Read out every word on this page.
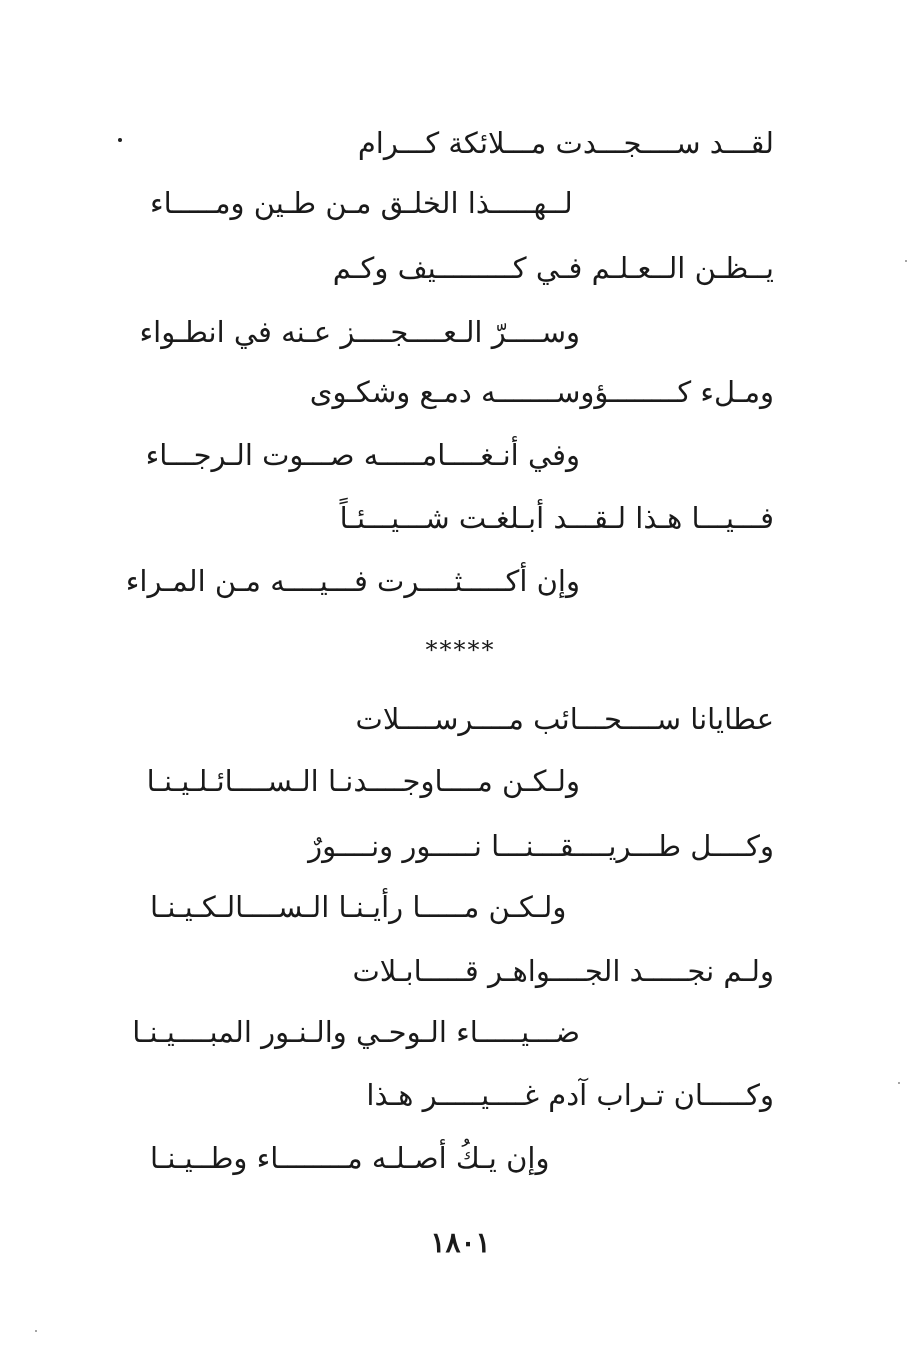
لقـــد ســــجـــدت مـــلائكة كـــرام
لــهـــــذا الخلـق مـن طـين ومـــــاء
يــظـن الــعـلـم فـي كـــــــــيف وكـم
وســــرّ الـعــــجــــز عـنه في انطـواء
ومـلء كــــــــؤوســـــــه دمـع وشكـوى
وفي أنـغــــامـــــه صـــوت الـرجـــاء
فـــيـــا هـذا لـقـــد أبـلغـت شـــيـــئـاً
وإن أكـــــثــــرت فـــيــــه مـن المـراء
*****
عطايانا ســــحـــائب مــــرســــلات
ولـكـن مــــاوجــــدنـا الـســــائـلـيـنـا
وكــــل طـــريــــقـــنـــا نـــــور ونــــورٌ
ولـكـن مـــــا رأيـنـا الـســــالـكـيـنـا
ولـم نجـــــد الجــــواهـر قـــــابـلات
ضـــيـــــاء الـوحـي والـنـور المبــــيـنـا
وكـــــان تـراب آدم غــــيـــــر هـذا
وإن يـكُ أصـلـه مــــــــاء وطــيـنـا
١٨٠١
